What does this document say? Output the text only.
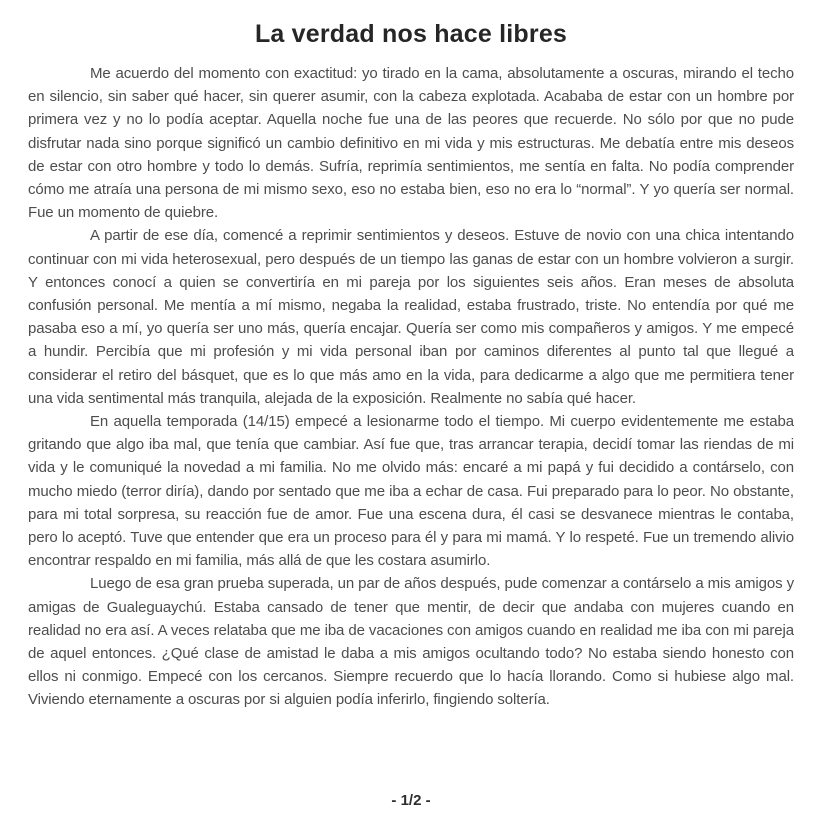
La verdad nos hace libres

Me acuerdo del momento con exactitud: yo tirado en la cama, absolutamente a oscuras, mirando el techo en silencio, sin saber qué hacer, sin querer asumir, con la cabeza explotada. Acababa de estar con un hombre por primera vez y no lo podía aceptar. Aquella noche fue una de las peores que recuerde. No sólo por que no pude disfrutar nada sino porque significó un cambio definitivo en mi vida y mis estructuras. Me debatía entre mis deseos de estar con otro hombre y todo lo demás. Sufría, reprimía sentimientos, me sentía en falta. No podía comprender cómo me atraía una persona de mi mismo sexo, eso no estaba bien, eso no era lo “normal”. Y yo quería ser normal. Fue un momento de quiebre.

A partir de ese día, comencé a reprimir sentimientos y deseos. Estuve de novio con una chica intentando continuar con mi vida heterosexual, pero después de un tiempo las ganas de estar con un hombre volvieron a surgir. Y entonces conocí a quien se convertiría en mi pareja por los siguientes seis años. Eran meses de absoluta confusión personal. Me mentía a mí mismo, negaba la realidad, estaba frustrado, triste. No entendía por qué me pasaba eso a mí, yo quería ser uno más, quería encajar. Quería ser como mis compañeros y amigos. Y me empecé a hundir. Percibía que mi profesión y mi vida personal iban por caminos diferentes al punto tal que llegué a considerar el retiro del básquet, que es lo que más amo en la vida, para dedicarme a algo que me permitiera tener una vida sentimental más tranquila, alejada de la exposición. Realmente no sabía qué hacer.

En aquella temporada (14/15) empecé a lesionarme todo el tiempo. Mi cuerpo evidentemente me estaba gritando que algo iba mal, que tenía que cambiar. Así fue que, tras arrancar terapia, decidí tomar las riendas de mi vida y le comuniqué la novedad a mi familia. No me olvido más: encaré a mi papá y fui decidido a contárselo, con mucho miedo (terror diría), dando por sentado que me iba a echar de casa. Fui preparado para lo peor. No obstante, para mi total sorpresa, su reacción fue de amor. Fue una escena dura, él casi se desvanece mientras le contaba, pero lo aceptó. Tuve que entender que era un proceso para él y para mi mamá. Y lo respeté. Fue un tremendo alivio encontrar respaldo en mi familia, más allá de que les costara asumirlo.

Luego de esa gran prueba superada, un par de años después, pude comenzar a contárselo a mis amigos y amigas de Gualeguaychú. Estaba cansado de tener que mentir, de decir que andaba con mujeres cuando en realidad no era así. A veces relataba que me iba de vacaciones con amigos cuando en realidad me iba con mi pareja de aquel entonces. ¿Qué clase de amistad le daba a mis amigos ocultando todo? No estaba siendo honesto con ellos ni conmigo. Empecé con los cercanos. Siempre recuerdo que lo hacía llorando. Como si hubiese algo mal. Viviendo eternamente a oscuras por si alguien podía inferirlo, fingiendo soltería.

- 1/2 -
